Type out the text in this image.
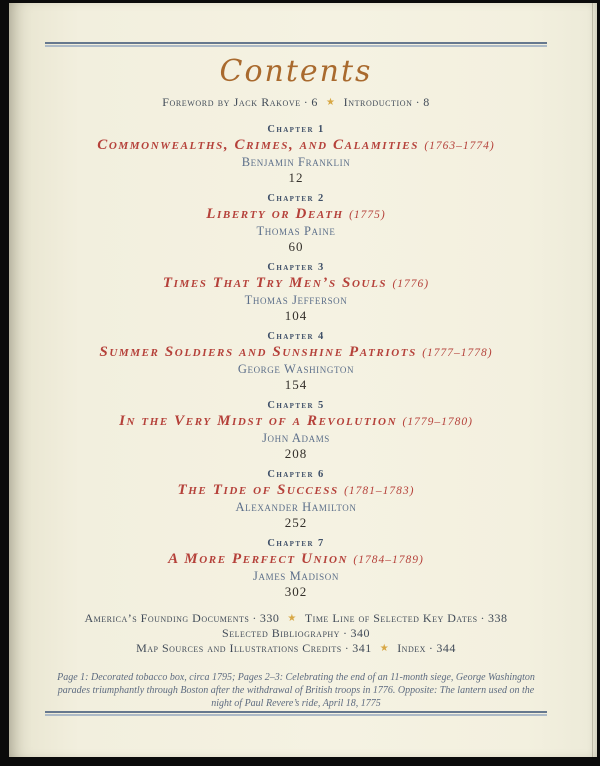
Contents
Foreword by Jack Rakove · 6 ★ Introduction · 8
Chapter 1
Commonwealths, Crimes, and Calamities (1763–1774)
Benjamin Franklin
12
Chapter 2
Liberty or Death (1775)
Thomas Paine
60
Chapter 3
Times That Try Men’s Souls (1776)
Thomas Jefferson
104
Chapter 4
Summer Soldiers and Sunshine Patriots (1777–1778)
George Washington
154
Chapter 5
In the Very Midst of a Revolution (1779–1780)
John Adams
208
Chapter 6
The Tide of Success (1781–1783)
Alexander Hamilton
252
Chapter 7
A More Perfect Union (1784–1789)
James Madison
302
America’s Founding Documents · 330 ★ Time Line of Selected Key Dates · 338
Selected Bibliography · 340
Map Sources and Illustrations Credits · 341 ★ Index · 344
Page 1: Decorated tobacco box, circa 1795; Pages 2–3: Celebrating the end of an 11-month siege, George Washington parades triumphantly through Boston after the withdrawal of British troops in 1776. Opposite: The lantern used on the night of Paul Revere’s ride, April 18, 1775
